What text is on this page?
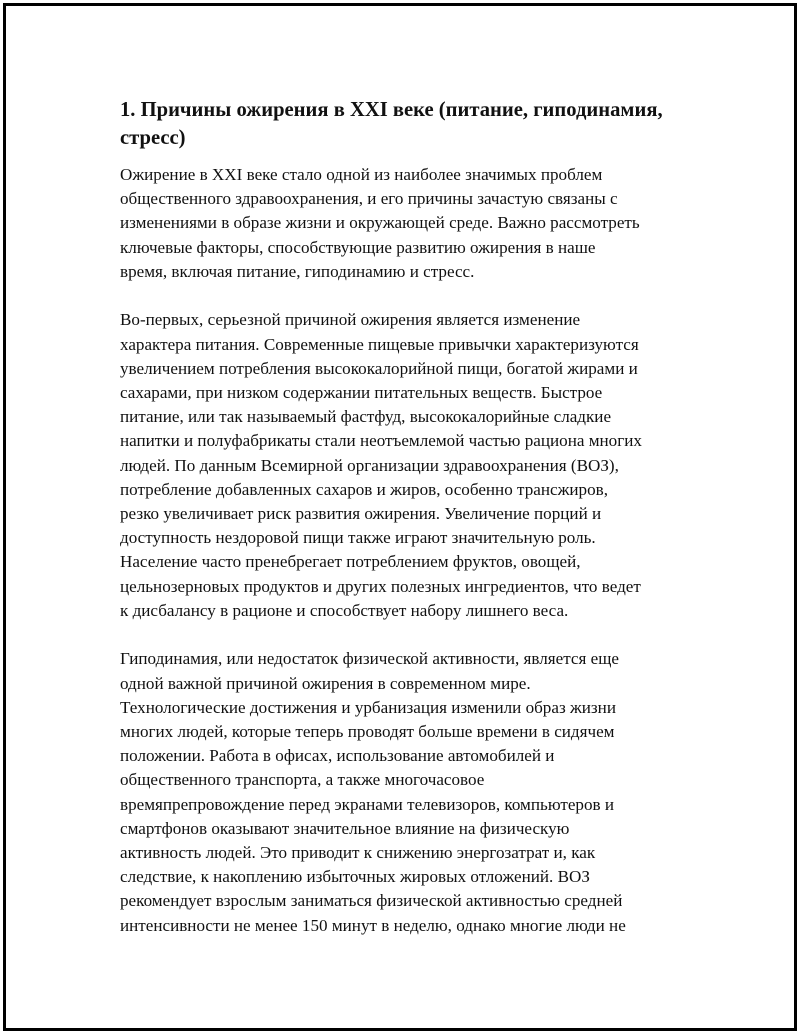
1. Причины ожирения в XXI веке (питание, гиподинамия, стресс)
Ожирение в XXI веке стало одной из наиболее значимых проблем
общественного здравоохранения, и его причины зачастую связаны с
изменениями в образе жизни и окружающей среде. Важно рассмотреть
ключевые факторы, способствующие развитию ожирения в наше
время, включая питание, гиподинамию и стресс.
Во-первых, серьезной причиной ожирения является изменение
характера питания. Современные пищевые привычки характеризуются
увеличением потребления высококалорийной пищи, богатой жирами и
сахарами, при низком содержании питательных веществ. Быстрое
питание, или так называемый фастфуд, высококалорийные сладкие
напитки и полуфабрикаты стали неотъемлемой частью рациона многих
людей. По данным Всемирной организации здравоохранения (ВОЗ),
потребление добавленных сахаров и жиров, особенно трансжиров,
резко увеличивает риск развития ожирения. Увеличение порций и
доступность нездоровой пищи также играют значительную роль.
Население часто пренебрегает потреблением фруктов, овощей,
цельнозерновых продуктов и других полезных ингредиентов, что ведет
к дисбалансу в рационе и способствует набору лишнего веса.
Гиподинамия, или недостаток физической активности, является еще
одной важной причиной ожирения в современном мире.
Технологические достижения и урбанизация изменили образ жизни
многих людей, которые теперь проводят больше времени в сидячем
положении. Работа в офисах, использование автомобилей и
общественного транспорта, а также многочасовое
времяпрепровождение перед экранами телевизоров, компьютеров и
смартфонов оказывают значительное влияние на физическую
активность людей. Это приводит к снижению энергозатрат и, как
следствие, к накоплению избыточных жировых отложений. ВОЗ
рекомендует взрослым заниматься физической активностью средней
интенсивности не менее 150 минут в неделю, однако многие люди не
